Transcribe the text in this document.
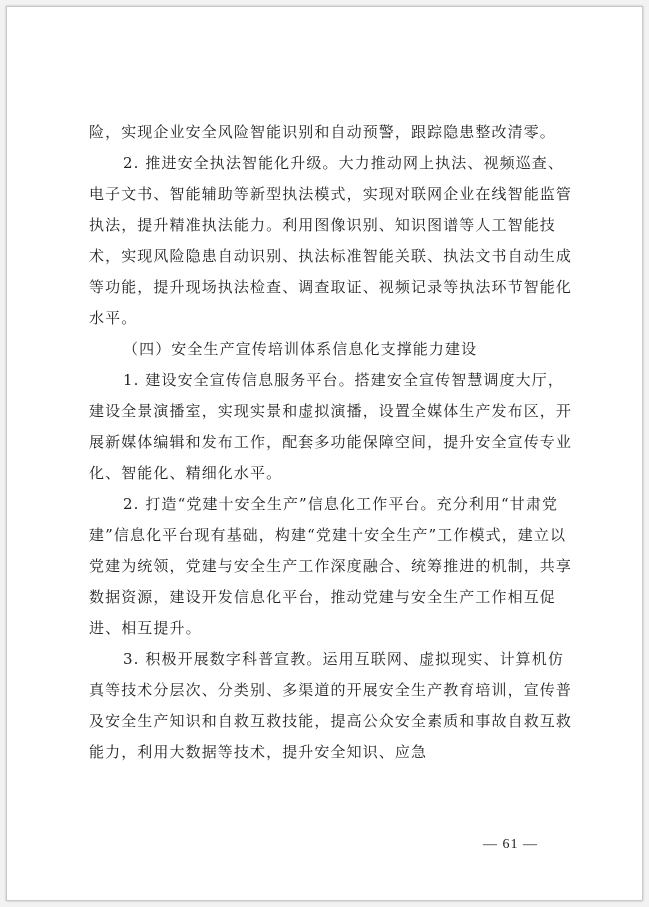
险，实现企业安全风险智能识别和自动预警，跟踪隐患整改清零。

2. 推进安全执法智能化升级。大力推动网上执法、视频巡查、电子文书、智能辅助等新型执法模式，实现对联网企业在线智能监管执法，提升精准执法能力。利用图像识别、知识图谱等人工智能技术，实现风险隐患自动识别、执法标准智能关联、执法文书自动生成等功能，提升现场执法检查、调查取证、视频记录等执法环节智能化水平。

（四）安全生产宣传培训体系信息化支撑能力建设

1. 建设安全宣传信息服务平台。搭建安全宣传智慧调度大厅，建设全景演播室，实现实景和虚拟演播，设置全媒体生产发布区，开展新媒体编辑和发布工作，配套多功能保障空间，提升安全宣传专业化、智能化、精细化水平。

2. 打造“党建十安全生产”信息化工作平台。充分利用“甘肃党建”信息化平台现有基础，构建“党建十安全生产”工作模式，建立以党建为统领，党建与安全生产工作深度融合、统筹推进的机制，共享数据资源，建设开发信息化平台，推动党建与安全生产工作相互促进、相互提升。

3. 积极开展数字科普宣教。运用互联网、虚拟现实、计算机仿真等技术分层次、分类别、多渠道的开展安全生产教育培训，宣传普及安全生产知识和自救互救技能，提高公众安全素质和事故自救互救能力，利用大数据等技术，提升安全知识、应急

— 61 —
